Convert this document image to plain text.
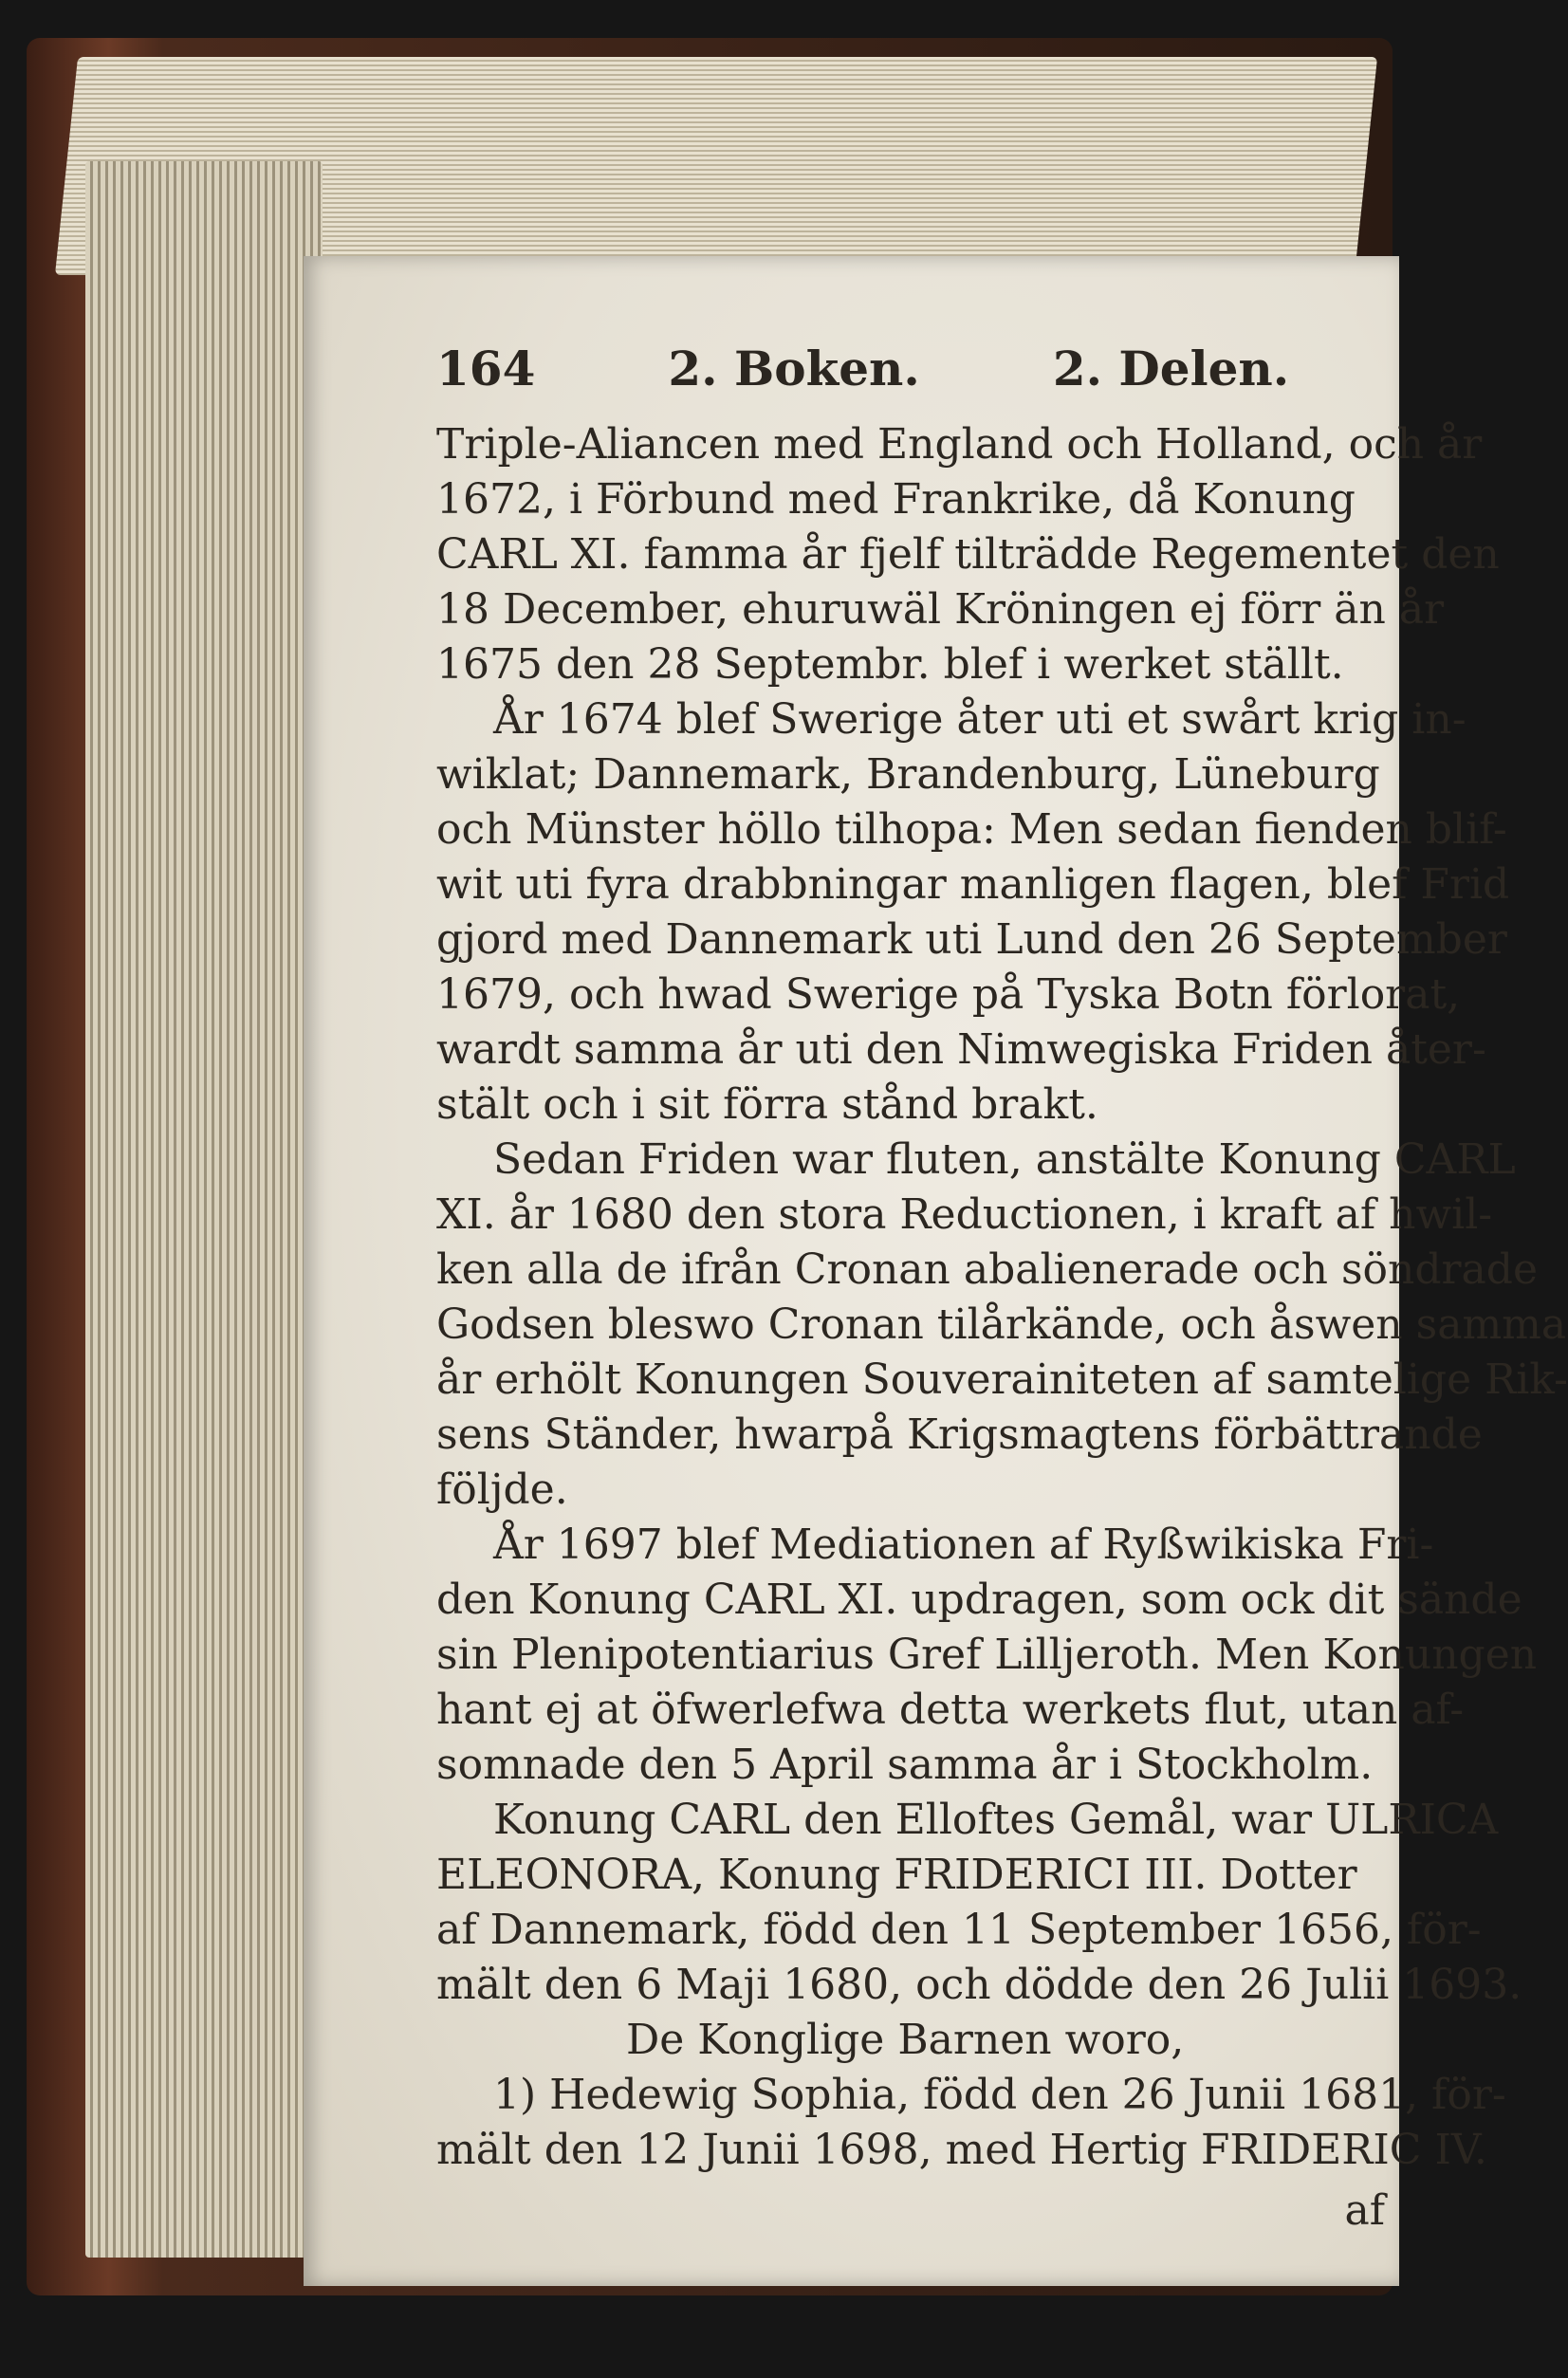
164	2. Boken.	2. Delen.

Triple-Aliancen med England och Holland, och år

1672, i Förbund med Frankrike, då Konung

CARL XI. famma år fjelf tilträdde Regementet den

18 December, ehuruwäl Kröningen ej förr än år

1675 den 28 Septembr. blef i werket ställt.

År 1674 blef Swerige åter uti et swårt krig in-

wiklat; Dannemark, Brandenburg, Lüneburg

och Münster höllo tilhopa: Men sedan fienden blif-

wit uti fyra drabbningar manligen flagen, blef Frid

gjord med Dannemark uti Lund den 26 September

1679, och hwad Swerige på Tyska Botn förlorat,

wardt samma år uti den Nimwegiska Friden åter-

stält och i sit förra stånd brakt.

Sedan Friden war fluten, anstälte Konung CARL

XI. år 1680 den stora Reductionen, i kraft af hwil-

ken alla de ifrån Cronan abalienerade och söndrade

Godsen bleswo Cronan tilårkände, och åswen samma

år erhölt Konungen Souverainiteten af samtelige Rik-

sens Ständer, hwarpå Krigsmagtens förbättrande

följde.

År 1697 blef Mediationen af Ryßwikiska Fri-

den Konung CARL XI. updragen, som ock dit sände

sin Plenipotentiarius Gref Lilljeroth. Men Konungen

hant ej at öfwerlefwa detta werkets flut, utan af-

somnade den 5 April samma år i Stockholm.

Konung CARL den Elloftes Gemål, war ULRICA

ELEONORA, Konung FRIDERICI III. Dotter

af Dannemark, född den 11 September 1656, för-

mält den 6 Maji 1680, och dödde den 26 Julii 1693.

De Konglige Barnen woro,

1) Hedewig Sophia, född den 26 Junii 1681, för-

mält den 12 Junii 1698, med Hertig FRIDERIC IV.

af
